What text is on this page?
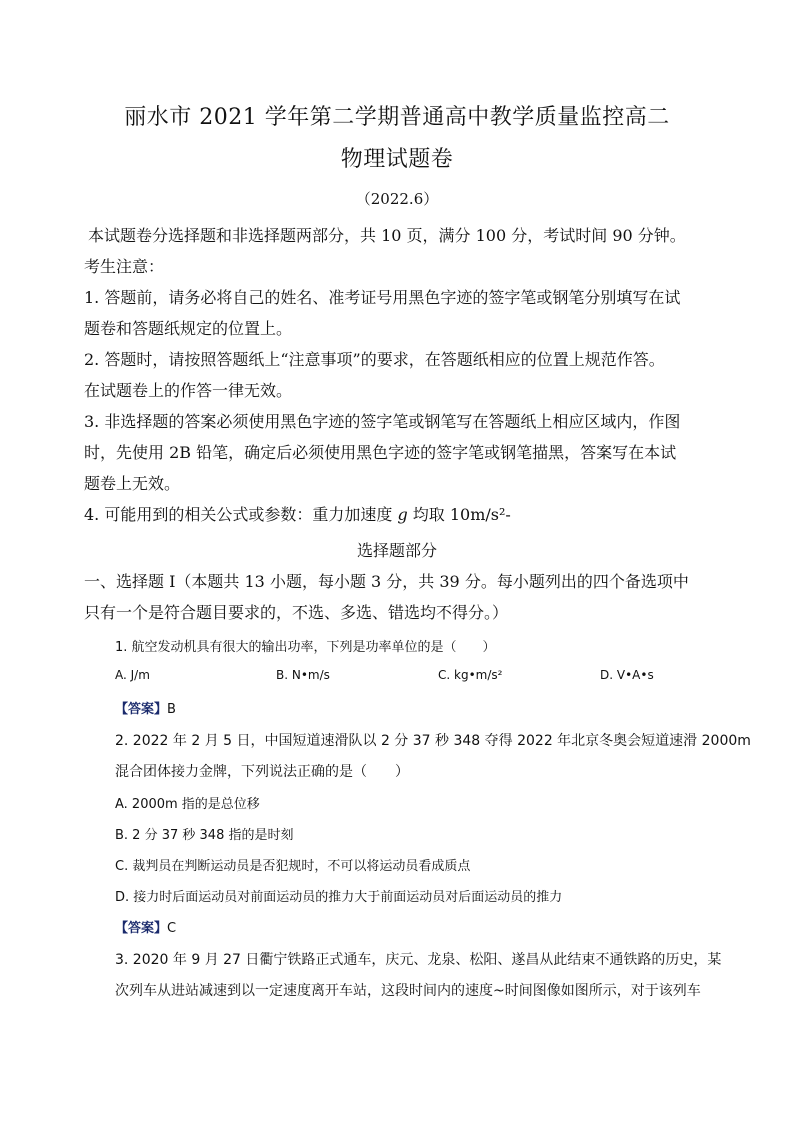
丽水市 2021 学年第二学期普通高中教学质量监控高二
物理试题卷
（2022.6）
本试题卷分选择题和非选择题两部分，共 10 页，满分 100 分，考试时间 90 分钟。
考生注意：
1. 答题前，请务必将自己的姓名、准考证号用黑色字迹的签字笔或钢笔分别填写在试
题卷和答题纸规定的位置上。
2. 答题时，请按照答题纸上“注意事项”的要求，在答题纸相应的位置上规范作答。
在试题卷上的作答一律无效。
3. 非选择题的答案必须使用黑色字迹的签字笔或钢笔写在答题纸上相应区域内，作图
时，先使用 2B 铅笔，确定后必须使用黑色字迹的签字笔或钢笔描黑，答案写在本试
题卷上无效。
4. 可能用到的相关公式或参数：重力加速度 g 均取 10m/s²-
选择题部分
一、选择题 I（本题共 13 小题，每小题 3 分，共 39 分。每小题列出的四个备选项中
只有一个是符合题目要求的，不选、多选、错选均不得分。）
1. 航空发动机具有很大的输出功率，下列是功率单位的是（　　）
A. J/m	B. N•m/s	C. kg•m/s²	D. V•A•s
【答案】B
2. 2022 年 2 月 5 日，中国短道速滑队以 2 分 37 秒 348 夺得 2022 年北京冬奥会短道速滑 2000m
混合团体接力金牌，下列说法正确的是（　　）
A. 2000m 指的是总位移
B. 2 分 37 秒 348 指的是时刻
C. 裁判员在判断运动员是否犯规时，不可以将运动员看成质点
D. 接力时后面运动员对前面运动员的推力大于前面运动员对后面运动员的推力
【答案】C
3. 2020 年 9 月 27 日衢宁铁路正式通车，庆元、龙泉、松阳、遂昌从此结束不通铁路的历史，某
次列车从进站减速到以一定速度离开车站，这段时间内的速度~时间图像如图所示，对于该列车
